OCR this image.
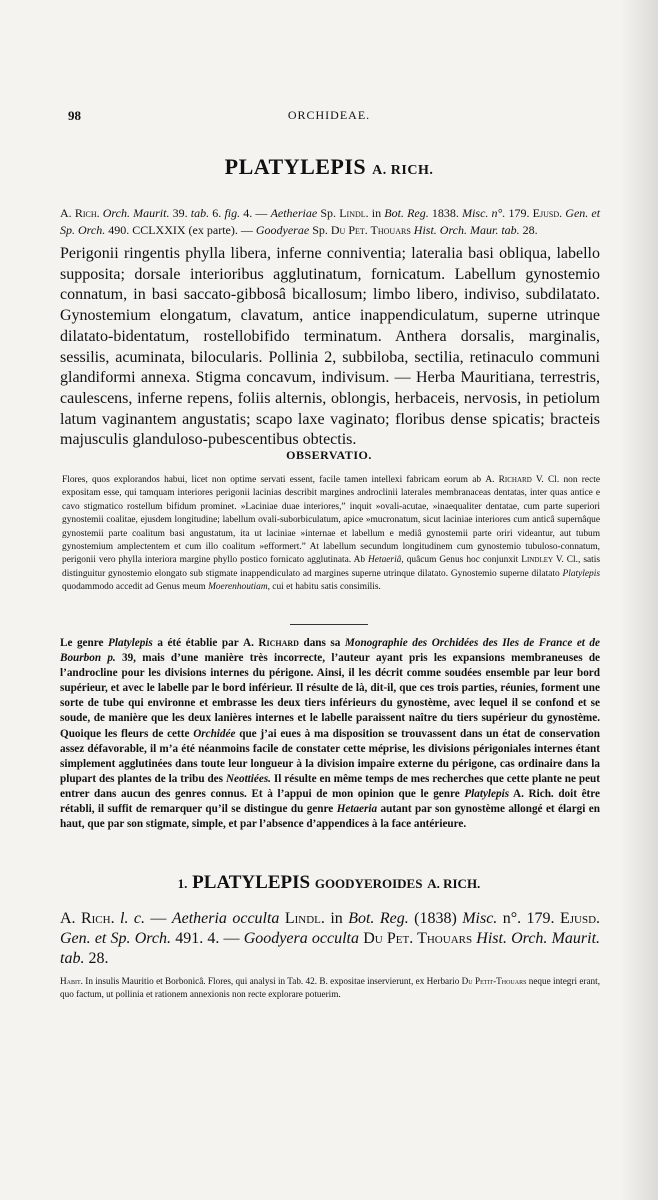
98	ORCHIDEAE.
PLATYLEPIS A. RICH.
A. Rich. Orch. Maurit. 39. tab. 6. fig. 4. — Aetheriae Sp. Lindl. in Bot. Reg. 1838. Misc. n°. 179. Ejusd. Gen. et Sp. Orch. 490. CCLXXIX (ex parte). — Goodyerae Sp. Du Pet. Thouars Hist. Orch. Maur. tab. 28.
Perigonii ringentis phylla libera, inferne conniventia; lateralia basi obliqua, labello supposita; dorsale interioribus agglutinatum, fornicatum. Labellum gynostemio connatum, in basi saccato-gibbosâ bicallosum; limbo libero, indiviso, subdilatato. Gynostemium elongatum, clavatum, antice inappendiculatum, superne utrinque dilatato-bidentatum, rostellobifido terminatum. Anthera dorsalis, marginalis, sessilis, acuminata, bilocularis. Pollinia 2, subbiloba, sectilia, retinaculo communi glandiformi annexa. Stigma concavum, indivisum. — Herba Mauritiana, terrestris, caulescens, inferne repens, foliis alternis, oblongis, herbaceis, nervosis, in petiolum latum vaginantem angustatis; scapo laxe vaginato; floribus dense spicatis; bracteis majusculis glanduloso-pubescentibus obtectis.
OBSERVATIO.
Flores, quos explorandos habui, licet non optime servati essent, facile tamen intellexi fabricam eorum ab A. Richard V. Cl. non recte expositam esse, qui tamquam interiores perigonii lacinias describit margines androclinii laterales membranaceas dentatas, inter quas antice e cavo stigmatico rostellum bifidum prominet. »Laciniae duae interiores,” inquit »ovali-acutae, »inaequaliter dentatae, cum parte superiori gynostemii coalitae, ejusdem longitudine; labellum ovali-suborbiculatum, apice »mucronatum, sicut laciniae interiores cum anticâ supernâque gynostemii parte coalitum basi angustatum, ita ut laciniae »internae et labellum e mediâ gynostemii parte oriri videantur, aut tubum gynostemium amplectentem et cum illo coalitum »efformert.” At labellum secundum longitudinem cum gynostemio tubuloso-connatum, perigonii vero phylla interiora margine phyllo postico fornicato agglutinata. Ab Hetaeriâ, quâcum Genus hoc conjunxit Lindley V. Cl., satis distinguitur gynostemio elongato sub stigmate inappendiculato ad margines superne utrinque dilatato. Gynostemio superne dilatato Platylepis quodammodo accedit ad Genus meum Moerenhoutiam, cui et habitu satis consimilis.
Le genre Platylepis a été établie par A. Richard dans sa Monographie des Orchidées des Iles de France et de Bourbon p. 39, mais d’une manière très incorrecte, l’auteur ayant pris les expansions membraneuses de l’androcline pour les divisions internes du périgone. Ainsi, il les décrit comme soudées ensemble par leur bord supérieur, et avec le labelle par le bord inférieur. Il résulte de là, dit-il, que ces trois parties, réunies, forment une sorte de tube qui environne et embrasse les deux tiers inférieurs du gynostème, avec lequel il se confond et se soude, de manière que les deux lanières internes et le labelle paraissent naître du tiers supérieur du gynostème. Quoique les fleurs de cette Orchidée que j’ai eues à ma disposition se trouvassent dans un état de conservation assez défavorable, il m’a été néanmoins facile de constater cette méprise, les divisions périgoniales internes étant simplement agglutinées dans toute leur longueur à la division impaire externe du périgone, cas ordinaire dans la plupart des plantes de la tribu des Neottiées. Il résulte en même temps de mes recherches que cette plante ne peut entrer dans aucun des genres connus. Et à l’appui de mon opinion que le genre Platylepis A. Rich. doit être rétabli, il suffit de remarquer qu’il se distingue du genre Hetaeria autant par son gynostème allongé et élargi en haut, que par son stigmate, simple, et par l’absence d’appendices à la face antérieure.
1. PLATYLEPIS GOODYEROIDES A. RICH.
A. Rich. l. c. — Aetheria occulta Lindl. in Bot. Reg. (1838) Misc. n°. 179. Ejusd. Gen. et Sp. Orch. 491. 4. — Goodyera occulta Du Pet. Thouars Hist. Orch. Maurit. tab. 28.
Habit. In insulis Mauritio et Borbonicâ. Flores, qui analysi in Tab. 42. B. expositae inservierunt, ex Herbario Du Petit-Thouars neque integri erant, quo factum, ut pollinia et rationem annexionis non recte explorare potuerim.
